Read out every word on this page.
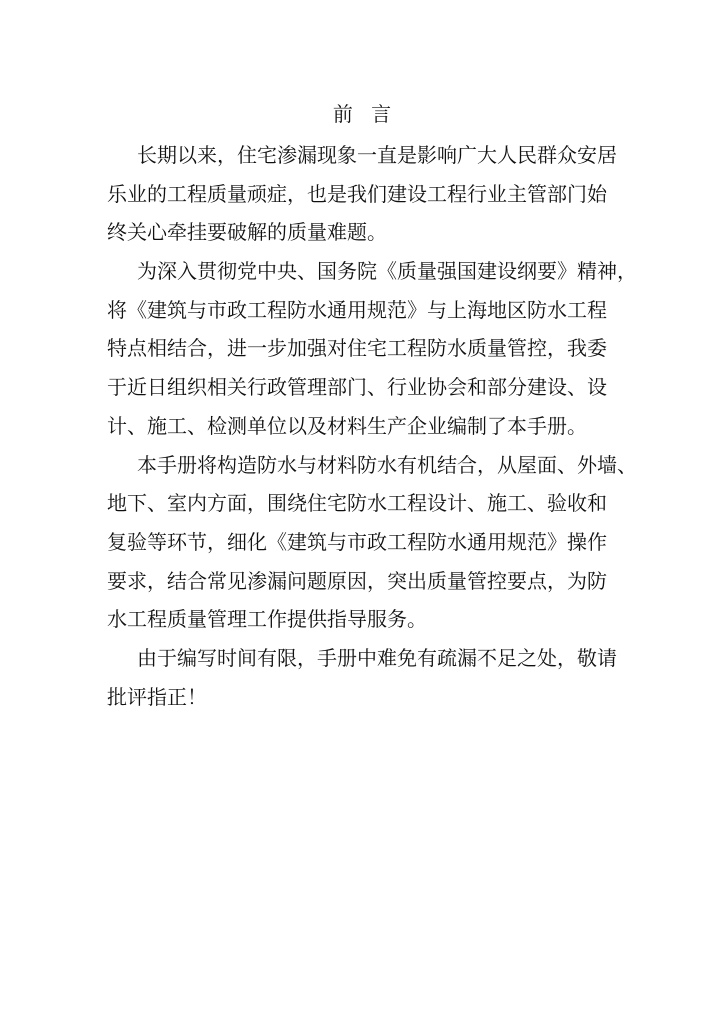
前 言
长期以来，住宅渗漏现象一直是影响广大人民群众安居
乐业的工程质量顽症，也是我们建设工程行业主管部门始
终关心牵挂要破解的质量难题。
为深入贯彻党中央、国务院《质量强国建设纲要》精神，
将《建筑与市政工程防水通用规范》与上海地区防水工程
特点相结合，进一步加强对住宅工程防水质量管控，我委
于近日组织相关行政管理部门、行业协会和部分建设、设
计、施工、检测单位以及材料生产企业编制了本手册。
本手册将构造防水与材料防水有机结合，从屋面、外墙、
地下、室内方面，围绕住宅防水工程设计、施工、验收和
复验等环节，细化《建筑与市政工程防水通用规范》操作
要求，结合常见渗漏问题原因，突出质量管控要点，为防
水工程质量管理工作提供指导服务。
由于编写时间有限，手册中难免有疏漏不足之处，敬请
批评指正！
